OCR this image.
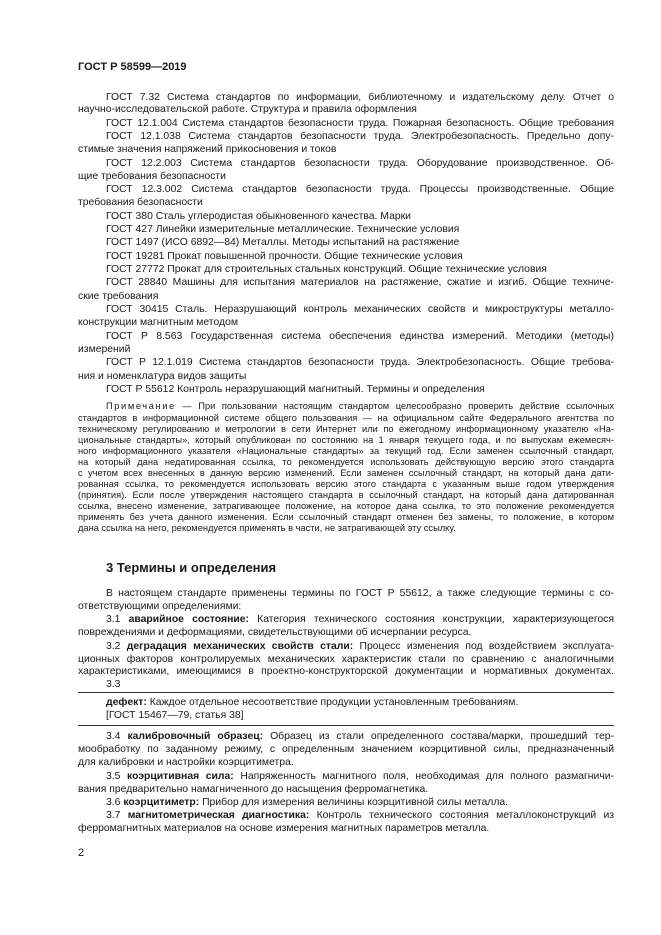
ГОСТ Р 58599—2019
ГОСТ 7.32 Система стандартов по информации, библиотечному и издательскому делу. Отчет о
научно-исследовательской работе. Структура и правила оформления
ГОСТ 12.1.004 Система стандартов безопасности труда. Пожарная безопасность. Общие требования
ГОСТ 12.1.038 Система стандартов безопасности труда. Электробезопасность. Предельно допу-
стимые значения напряжений прикосновения и токов
ГОСТ 12.2.003 Система стандартов безопасности труда. Оборудование производственное. Об-
щие требования безопасности
ГОСТ 12.3.002 Система стандартов безопасности труда. Процессы производственные. Общие
требования безопасности
ГОСТ 380 Сталь углеродистая обыкновенного качества. Марки
ГОСТ 427 Линейки измерительные металлические. Технические условия
ГОСТ 1497 (ИСО 6892—84) Металлы. Методы испытаний на растяжение
ГОСТ 19281 Прокат повышенной прочности. Общие технические условия
ГОСТ 27772 Прокат для строительных стальных конструкций. Общие технические условия
ГОСТ 28840 Машины для испытания материалов на растяжение, сжатие и изгиб. Общие техниче-
ские требования
ГОСТ 30415 Сталь. Неразрушающий контроль механических свойств и микроструктуры металло-
конструкции магнитным методом
ГОСТ Р 8.563 Государственная система обеспечения единства измерений. Методики (методы)
измерений
ГОСТ Р 12.1.019 Система стандартов безопасности труда. Электробезопасность. Общие требова-
ния и номенклатура видов защиты
ГОСТ Р 55612 Контроль неразрушающий магнитный. Термины и определения
Примечание — При пользовании настоящим стандартом целесообразно проверить действие ссылочных
стандартов в информационной системе общего пользования — на официальном сайте Федерального агентства по
техническому регулированию и метрологии в сети Интернет или по ежегодному информационному указателю «На-
циональные стандарты», который опубликован по состоянию на 1 января текущего года, и по выпускам ежемесяч-
ного информационного указателя «Национальные стандарты» за текущий год. Если заменен ссылочный стандарт,
на который дана недатированная ссылка, то рекомендуется использовать действующую версию этого стандарта
с учетом всех внесенных в данную версию изменений. Если заменен ссылочный стандарт, на который дана дати-
рованная ссылка, то рекомендуется использовать версию этого стандарта с указанным выше годом утверждения
(принятия). Если после утверждения настоящего стандарта в ссылочный стандарт, на который дана датированная
ссылка, внесено изменение, затрагивающее положение, на которое дана ссылка, то это положение рекомендуется
применять без учета данного изменения. Если ссылочный стандарт отменен без замены, то положение, в котором
дана ссылка на него, рекомендуется применять в части, не затрагивающей эту ссылку.
3 Термины и определения
В настоящем стандарте применены термины по ГОСТ Р 55612, а также следующие термины с со-
ответствующими определениями:
3.1 аварийное состояние: Категория технического состояния конструкции, характеризующегося
повреждениями и деформациями, свидетельствующими об исчерпании ресурса.
3.2 деградация механических свойств стали: Процесс изменения под воздействием эксплуата-
ционных факторов контролируемых механических характеристик стали по сравнению с аналогичными
характеристиками, имеющимися в проектно-конструкторской документации и нормативных документах.
3.3
дефект: Каждое отдельное несоответствие продукции установленным требованиям.
[ГОСТ 15467—79, статья 38]
3.4 калибровочный образец: Образец из стали определенного состава/марки, прошедший тер-
мообработку по заданному режиму, с определенным значением коэрцитивной силы, предназначенный
для калибровки и настройки коэрцитиметра.
3.5 коэрцитивная сила: Напряженность магнитного поля, необходимая для полного размагничи-
вания предварительно намагниченного до насыщения ферромагнетика.
3.6 коэрцитиметр: Прибор для измерения величины коэрцитивной силы металла.
3.7 магнитометрическая диагностика: Контроль технического состояния металлоконструкций из
ферромагнитных материалов на основе измерения магнитных параметров металла.
2
